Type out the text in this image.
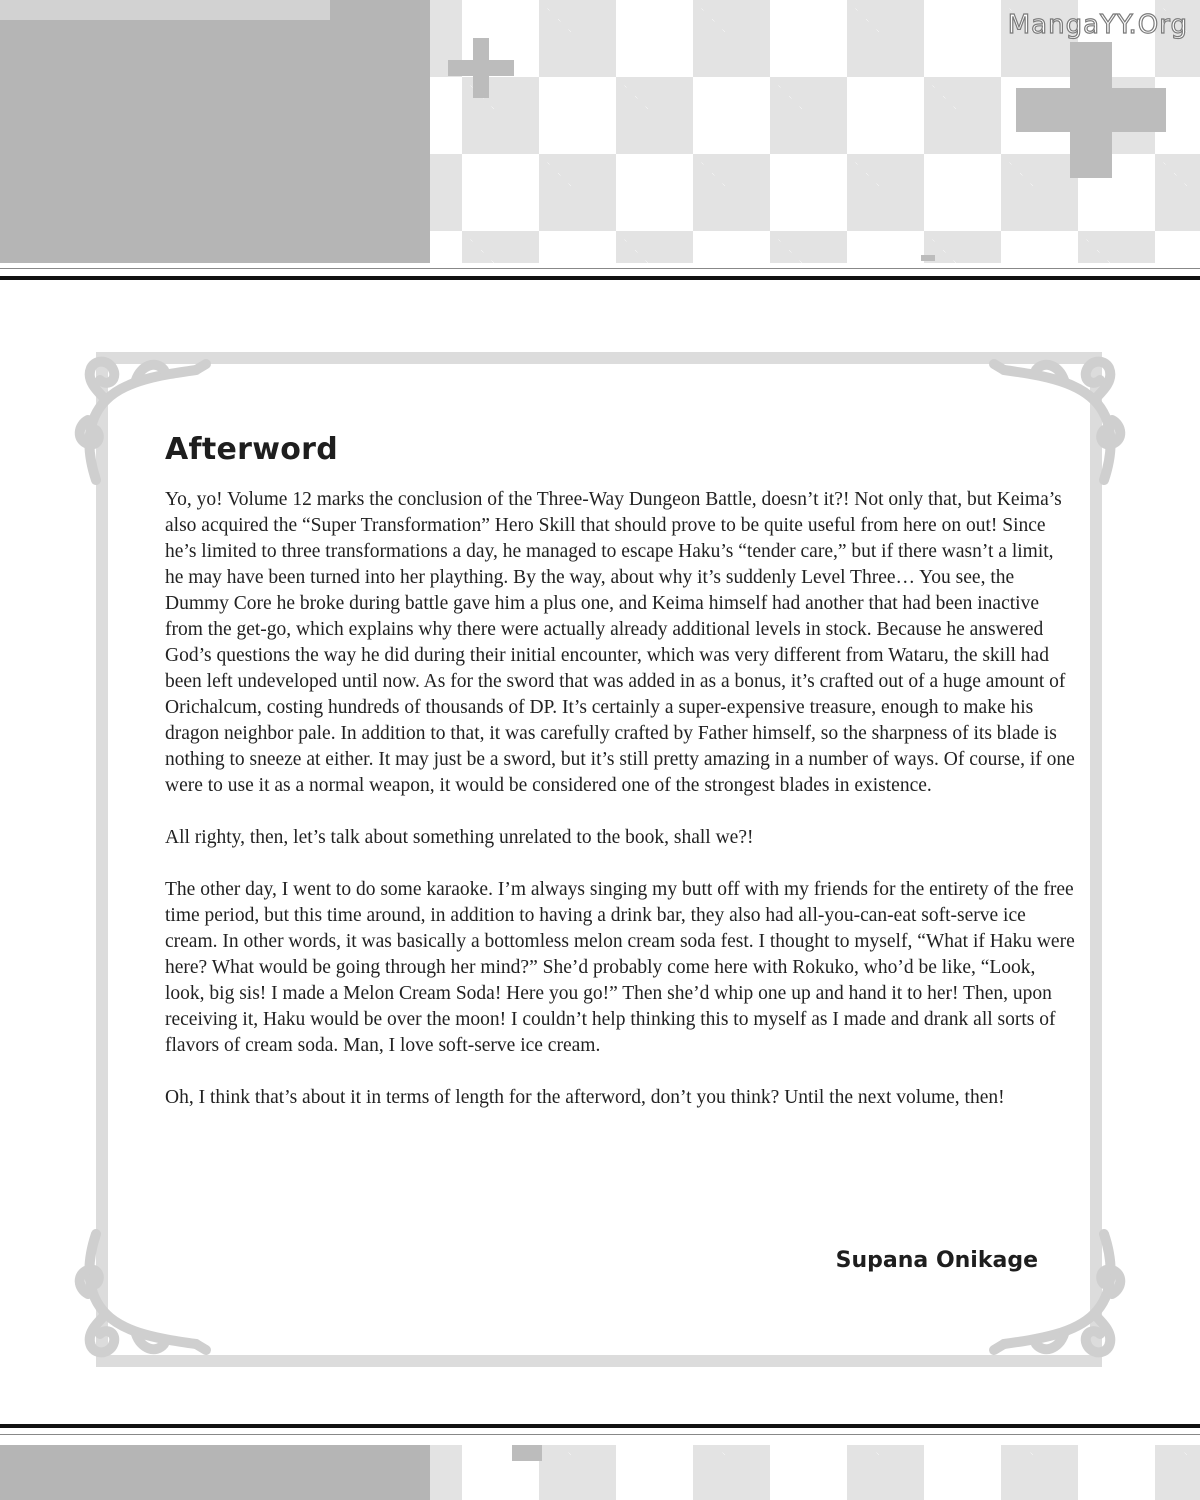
MangaYY.Org
Afterword

Yo, yo! Volume 12 marks the conclusion of the Three-Way Dungeon Battle, doesn’t it?! Not only that, but Keima’s also acquired the “Super Transformation” Hero Skill that should prove to be quite useful from here on out! Since he’s limited to three transformations a day, he managed to escape Haku’s “tender care,” but if there wasn’t a limit, he may have been turned into her plaything. By the way, about why it’s suddenly Level Three… You see, the Dummy Core he broke during battle gave him a plus one, and Keima himself had another that had been inactive from the get-go, which explains why there were actually already additional levels in stock. Because he answered God’s questions the way he did during their initial encounter, which was very different from Wataru, the skill had been left undeveloped until now. As for the sword that was added in as a bonus, it’s crafted out of a huge amount of Orichalcum, costing hundreds of thousands of DP. It’s certainly a super-expensive treasure, enough to make his dragon neighbor pale. In addition to that, it was carefully crafted by Father himself, so the sharpness of its blade is nothing to sneeze at either. It may just be a sword, but it’s still pretty amazing in a number of ways. Of course, if one were to use it as a normal weapon, it would be considered one of the strongest blades in existence.

All righty, then, let’s talk about something unrelated to the book, shall we?!

The other day, I went to do some karaoke. I’m always singing my butt off with my friends for the entirety of the free time period, but this time around, in addition to having a drink bar, they also had all-you-can-eat soft-serve ice cream. In other words, it was basically a bottomless melon cream soda fest. I thought to myself, “What if Haku were here? What would be going through her mind?” She’d probably come here with Rokuko, who’d be like, “Look, look, big sis! I made a Melon Cream Soda! Here you go!” Then she’d whip one up and hand it to her! Then, upon receiving it, Haku would be over the moon! I couldn’t help thinking this to myself as I made and drank all sorts of flavors of cream soda. Man, I love soft-serve ice cream.

Oh, I think that’s about it in terms of length for the afterword, don’t you think? Until the next volume, then!

Supana Onikage
